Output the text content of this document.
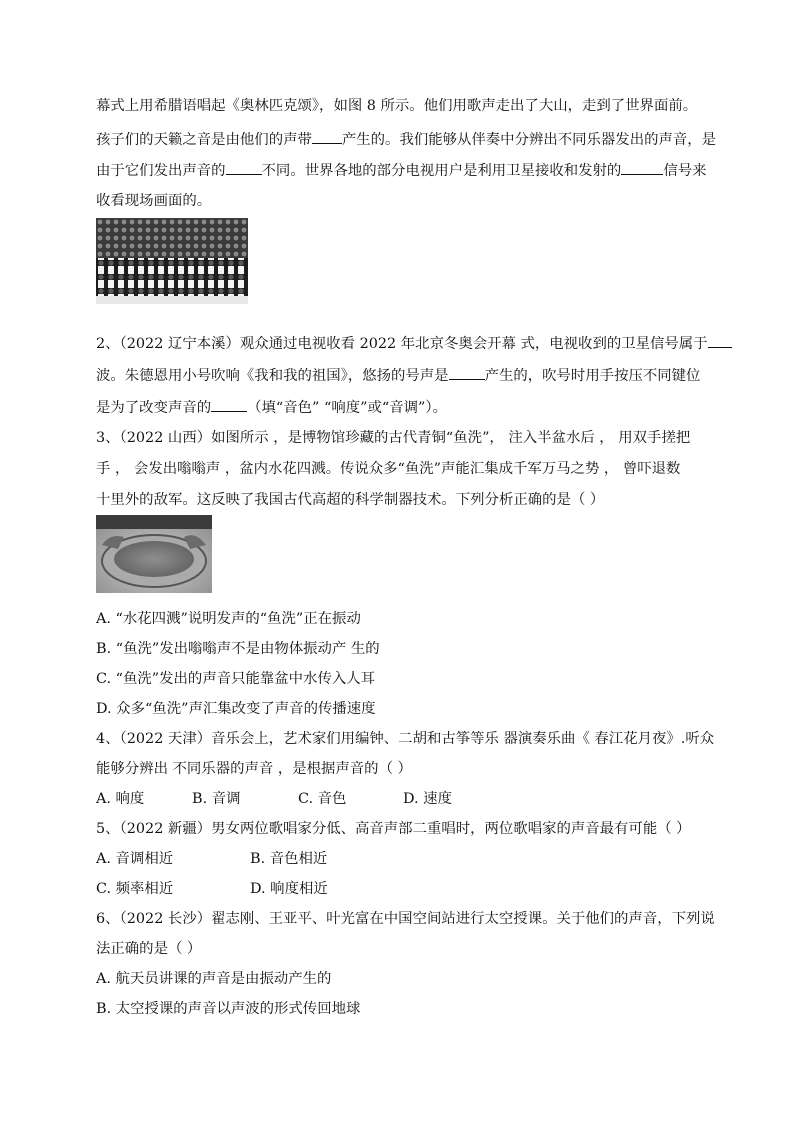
幕式上用希腊语唱起《奥林匹克颂》，如图 8 所示。他们用歌声走出了大山，走到了世界面前。
孩子们的天籁之音是由他们的声带 产生的。我们能够从伴奏中分辨出不同乐器发出的声音，是
由于它们发出声音的	不同。世界各地的部分电视用户是利用卫星接收和发射的	信号来
收看现场画面的。
2、（2022 辽宁本溪）观众通过电视收看 2022 年北京冬奥会开幕 式，电视收到的卫星信号属于
波。朱德恩用小号吹响《我和我的祖国》，悠扬的号声是	产生的，吹号时用手按压不同键位
是为了改变声音的	（填“音色” “响度”或“音调”）。
3、（2022 山西）如图所示 ，是博物馆珍藏的古代青铜“鱼洗”， 注入半盆水后 ， 用双手搓把
手 ， 会发出嗡嗡声 ，盆内水花四溅。传说众多“鱼洗”声能汇集成千军万马之势 ， 曾吓退数
十里外的敌军。这反映了我国古代高超的科学制器技术。下列分析正确的是（ ）
A. “水花四溅”说明发声的“鱼洗”正在振动
B. “鱼洗”发出嗡嗡声不是由物体振动产 生的
C. “鱼洗”发出的声音只能靠盆中水传入人耳
D. 众多“鱼洗”声汇集改变了声音的传播速度
4、（2022 天津）音乐会上，艺术家们用编钟、二胡和古筝等乐 器演奏乐曲《 春江花月夜》.听众
能够分辨出 不同乐器的声音 ，是根据声音的（ ）
A. 响度	B. 音调	C. 音色	D. 速度
5、（2022 新疆）男女两位歌唱家分低、高音声部二重唱时，两位歌唱家的声音最有可能（ ）
A. 音调相近	B. 音色相近
C. 频率相近	D. 响度相近
6、（2022 长沙）翟志刚、王亚平、叶光富在中国空间站进行太空授课。关于他们的声音，下列说
法正确的是（ ）
A. 航天员讲课的声音是由振动产生的
B. 太空授课的声音以声波的形式传回地球
